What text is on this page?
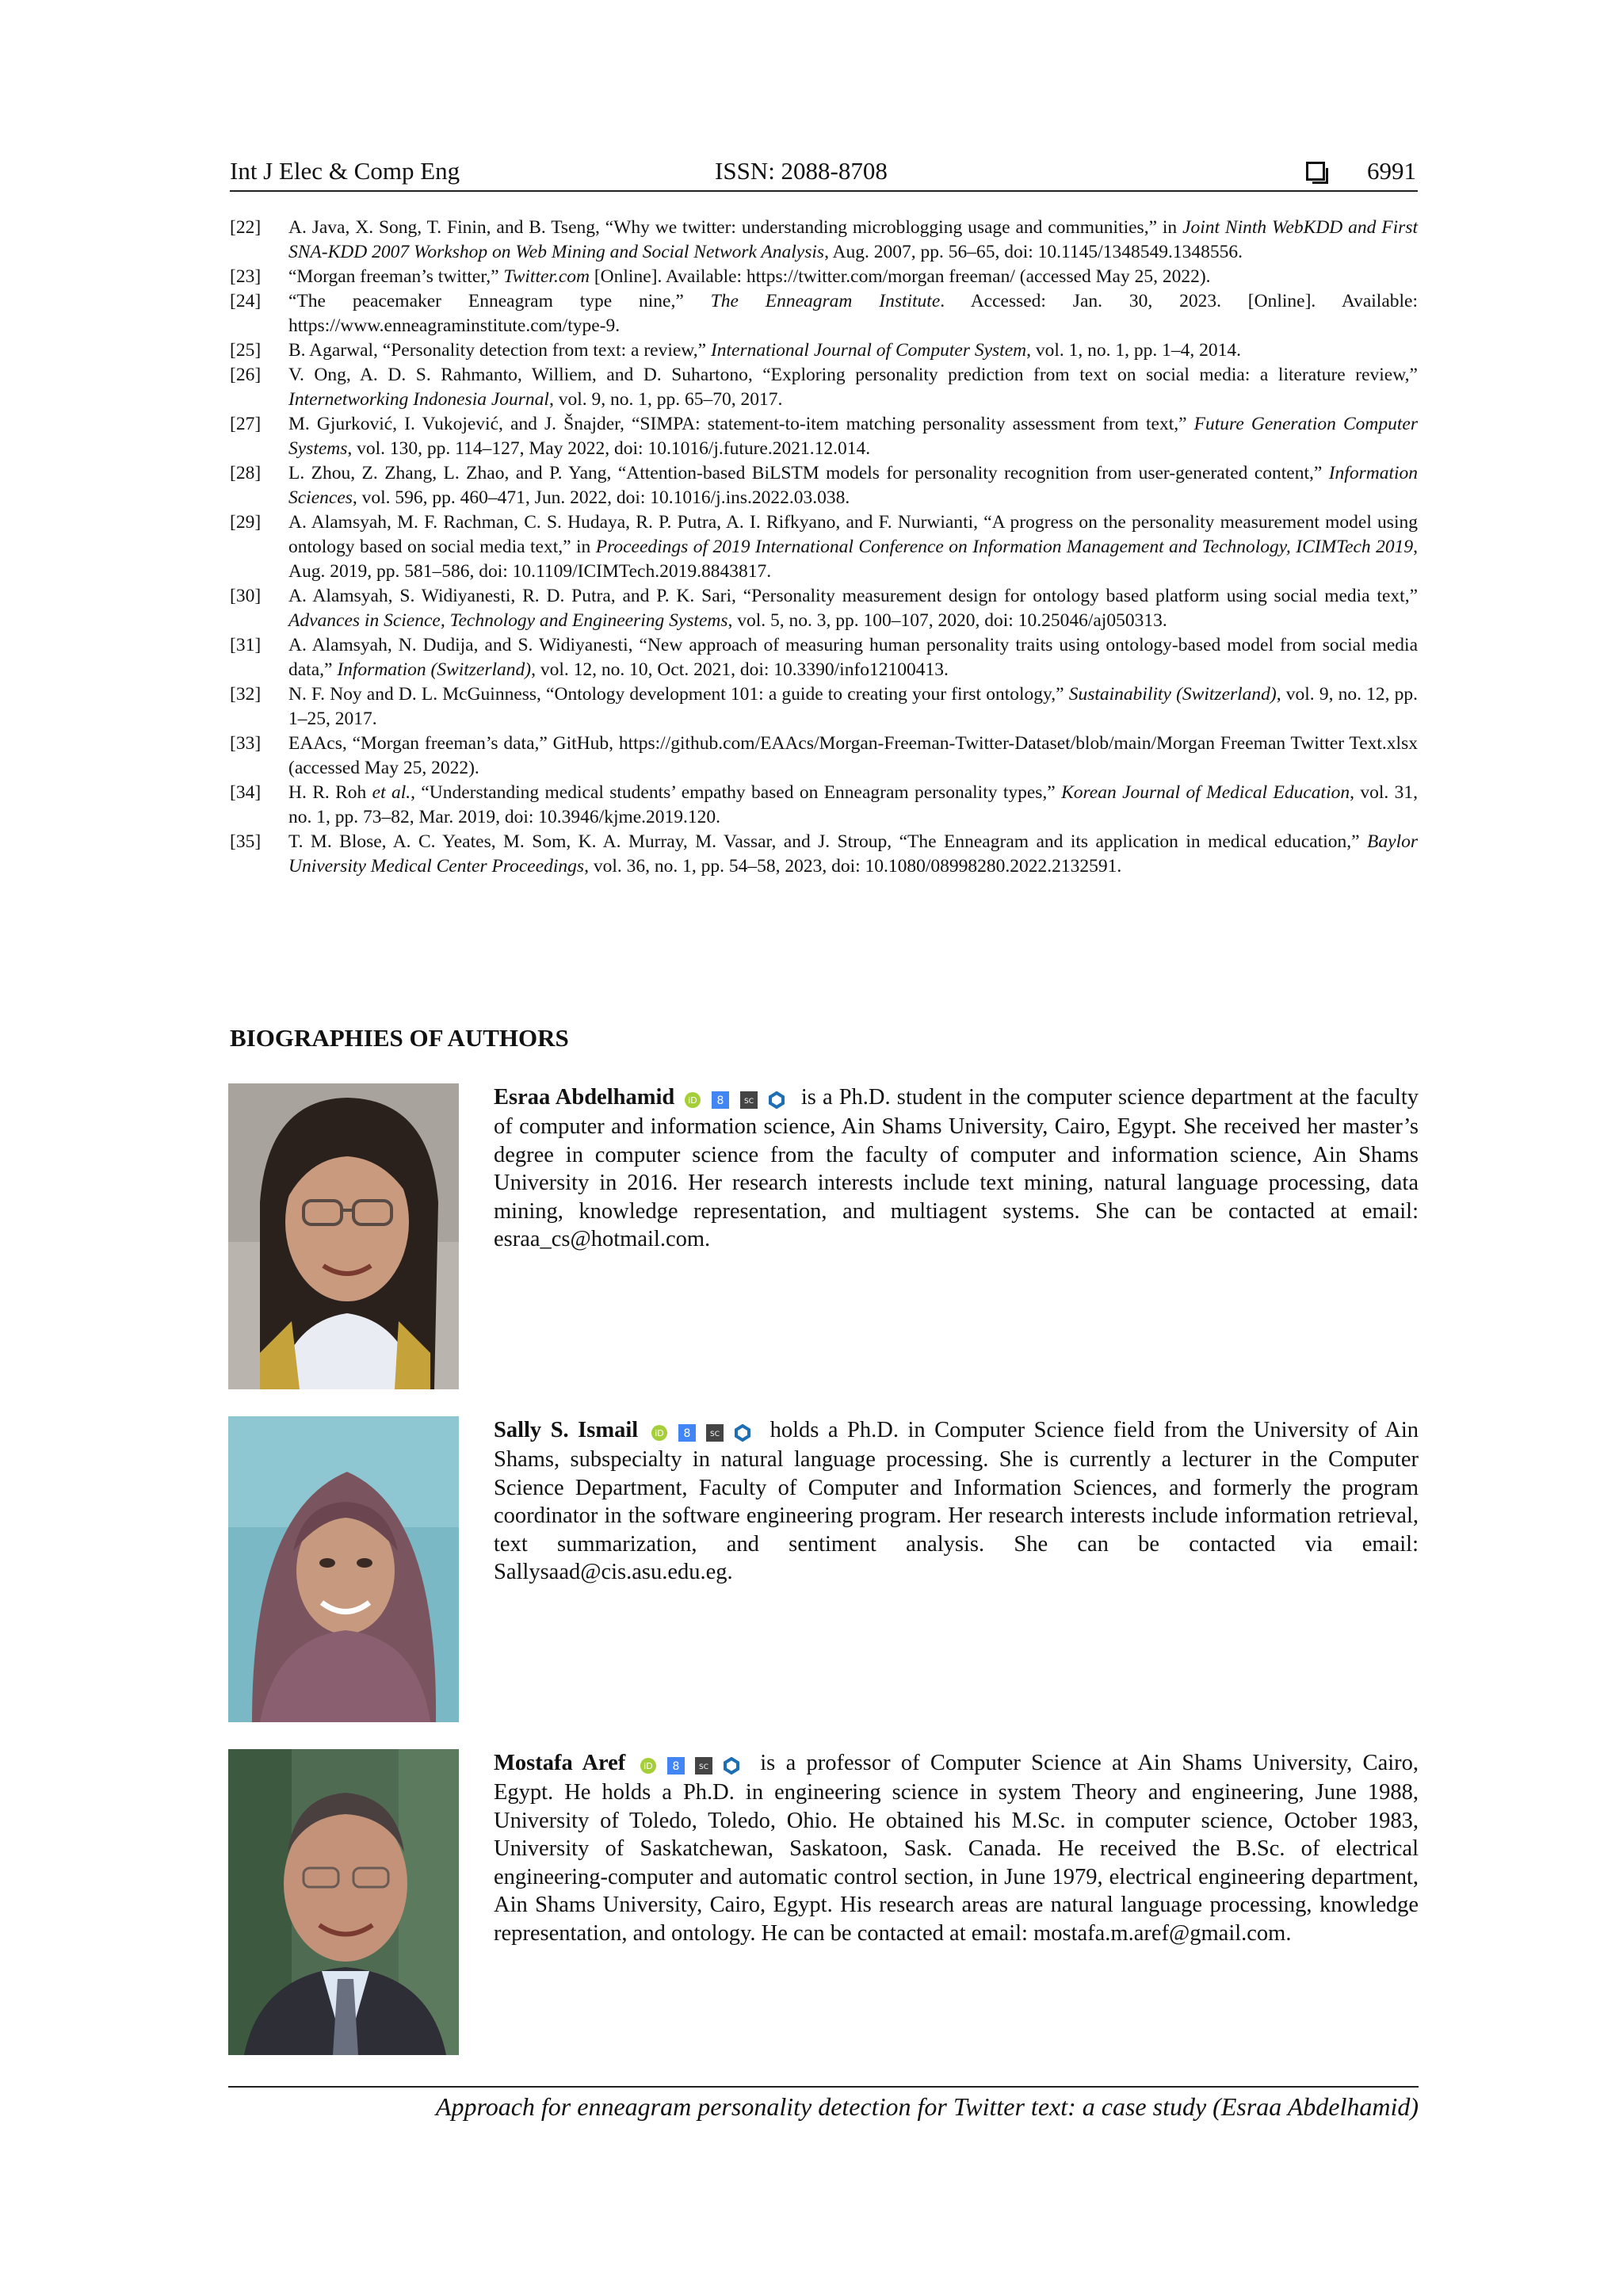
Int J Elec & Comp Eng	ISSN: 2088-8708	6991
[22] A. Java, X. Song, T. Finin, and B. Tseng, “Why we twitter: understanding microblogging usage and communities,” in Joint Ninth WebKDD and First SNA-KDD 2007 Workshop on Web Mining and Social Network Analysis, Aug. 2007, pp. 56–65, doi: 10.1145/1348549.1348556.
[23] “Morgan freeman’s twitter,” Twitter.com [Online]. Available: https://twitter.com/morgan freeman/ (accessed May 25, 2022).
[24] “The peacemaker Enneagram type nine,” The Enneagram Institute. Accessed: Jan. 30, 2023. [Online]. Available: https://www.enneagraminstitute.com/type-9.
[25] B. Agarwal, “Personality detection from text: a review,” International Journal of Computer System, vol. 1, no. 1, pp. 1–4, 2014.
[26] V. Ong, A. D. S. Rahmanto, Williem, and D. Suhartono, “Exploring personality prediction from text on social media: a literature review,” Internetworking Indonesia Journal, vol. 9, no. 1, pp. 65–70, 2017.
[27] M. Gjurković, I. Vukojević, and J. Šnajder, “SIMPA: statement-to-item matching personality assessment from text,” Future Generation Computer Systems, vol. 130, pp. 114–127, May 2022, doi: 10.1016/j.future.2021.12.014.
[28] L. Zhou, Z. Zhang, L. Zhao, and P. Yang, “Attention-based BiLSTM models for personality recognition from user-generated content,” Information Sciences, vol. 596, pp. 460–471, Jun. 2022, doi: 10.1016/j.ins.2022.03.038.
[29] A. Alamsyah, M. F. Rachman, C. S. Hudaya, R. P. Putra, A. I. Rifkyano, and F. Nurwianti, “A progress on the personality measurement model using ontology based on social media text,” in Proceedings of 2019 International Conference on Information Management and Technology, ICIMTech 2019, Aug. 2019, pp. 581–586, doi: 10.1109/ICIMTech.2019.8843817.
[30] A. Alamsyah, S. Widiyanesti, R. D. Putra, and P. K. Sari, “Personality measurement design for ontology based platform using social media text,” Advances in Science, Technology and Engineering Systems, vol. 5, no. 3, pp. 100–107, 2020, doi: 10.25046/aj050313.
[31] A. Alamsyah, N. Dudija, and S. Widiyanesti, “New approach of measuring human personality traits using ontology-based model from social media data,” Information (Switzerland), vol. 12, no. 10, Oct. 2021, doi: 10.3390/info12100413.
[32] N. F. Noy and D. L. McGuinness, “Ontology development 101: a guide to creating your first ontology,” Sustainability (Switzerland), vol. 9, no. 12, pp. 1–25, 2017.
[33] EAAcs, “Morgan freeman’s data,” GitHub, https://github.com/EAAcs/Morgan-Freeman-Twitter-Dataset/blob/main/Morgan Freeman Twitter Text.xlsx (accessed May 25, 2022).
[34] H. R. Roh et al., “Understanding medical students’ empathy based on Enneagram personality types,” Korean Journal of Medical Education, vol. 31, no. 1, pp. 73–82, Mar. 2019, doi: 10.3946/kjme.2019.120.
[35] T. M. Blose, A. C. Yeates, M. Som, K. A. Murray, M. Vassar, and J. Stroup, “The Enneagram and its application in medical education,” Baylor University Medical Center Proceedings, vol. 36, no. 1, pp. 54–58, 2023, doi: 10.1080/08998280.2022.2132591.
BIOGRAPHIES OF AUTHORS
Esraa Abdelhamid iD
8
	SC is a Ph.D. student in the computer science department at the faculty of computer and information science, Ain Shams University, Cairo, Egypt. She received her master’s degree in computer science from the faculty of computer and information science, Ain Shams University in 2016. Her research interests include text mining, natural language processing, data mining, knowledge representation, and multiagent systems. She can be contacted at email: esraa_cs@hotmail.com.
Sally S. Ismail iD
8
	SC holds a Ph.D. in Computer Science field from the University of Ain Shams, subspecialty in natural language processing. She is currently a lecturer in the Computer Science Department, Faculty of Computer and Information Sciences, and formerly the program coordinator in the software engineering program. Her research interests include information retrieval, text summarization, and sentiment analysis. She can be contacted via email: Sallysaad@cis.asu.edu.eg.
Mostafa Aref iD
8
	SC is a professor of Computer Science at Ain Shams University, Cairo, Egypt. He holds a Ph.D. in engineering science in system Theory and engineering, June 1988, University of Toledo, Toledo, Ohio. He obtained his M.Sc. in computer science, October 1983, University of Saskatchewan, Saskatoon, Sask. Canada. He received the B.Sc. of electrical engineering-computer and automatic control section, in June 1979, electrical engineering department, Ain Shams University, Cairo, Egypt. His research areas are natural language processing, knowledge representation, and ontology. He can be contacted at email: mostafa.m.aref@gmail.com.
Approach for enneagram personality detection for Twitter text: a case study (Esraa Abdelhamid)
